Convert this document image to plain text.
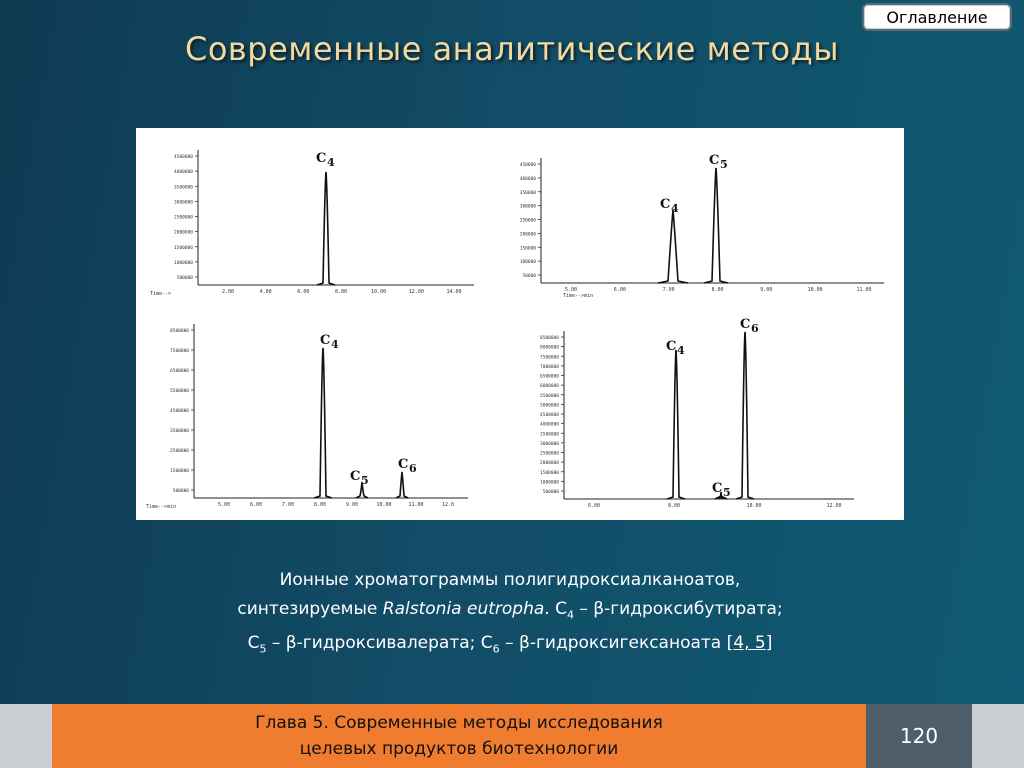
Оглавление
Современные аналитические методы
4500000
4000000
3500000
3000000
2500000
2000000
1500000
1000000
500000
2.00	4.00	6.00	8.00	10.00	12.00	14.00
Time-->
C 4	450000
400000
350000
300000
250000
200000
150000
100000
50000
5.00	6.00	7.00	8.00	9.00	10.00	11.00
Time-->min
C 4
C 5
8500000
7500000
6500000
5500000
4500000
3500000
2500000
1500000
500000
5.00	6.00	7.00	8.00	9.00	10.00	11.00	12.0
Time-->min
C 4
C 5
C 6
8500000
8000000
7500000
7000000
6500000
6000000
5500000
5000000
4500000
4000000
3500000
3000000
2500000
2000000
1500000
1000000
500000
6.00	8.00	10.00	12.00
C 4
C 5
C 6
Ионные хроматограммы полигидроксиалканоатов,
синтезируемые Ralstonia eutropha. $С_4$ – β-гидроксибутирата;
$С_5$ – β-гидроксивалерата; $С_6$ – β-гидроксигексаноата [4, 5]
Глава 5. Современные методы исследования
целевых продуктов биотехнологии
120
